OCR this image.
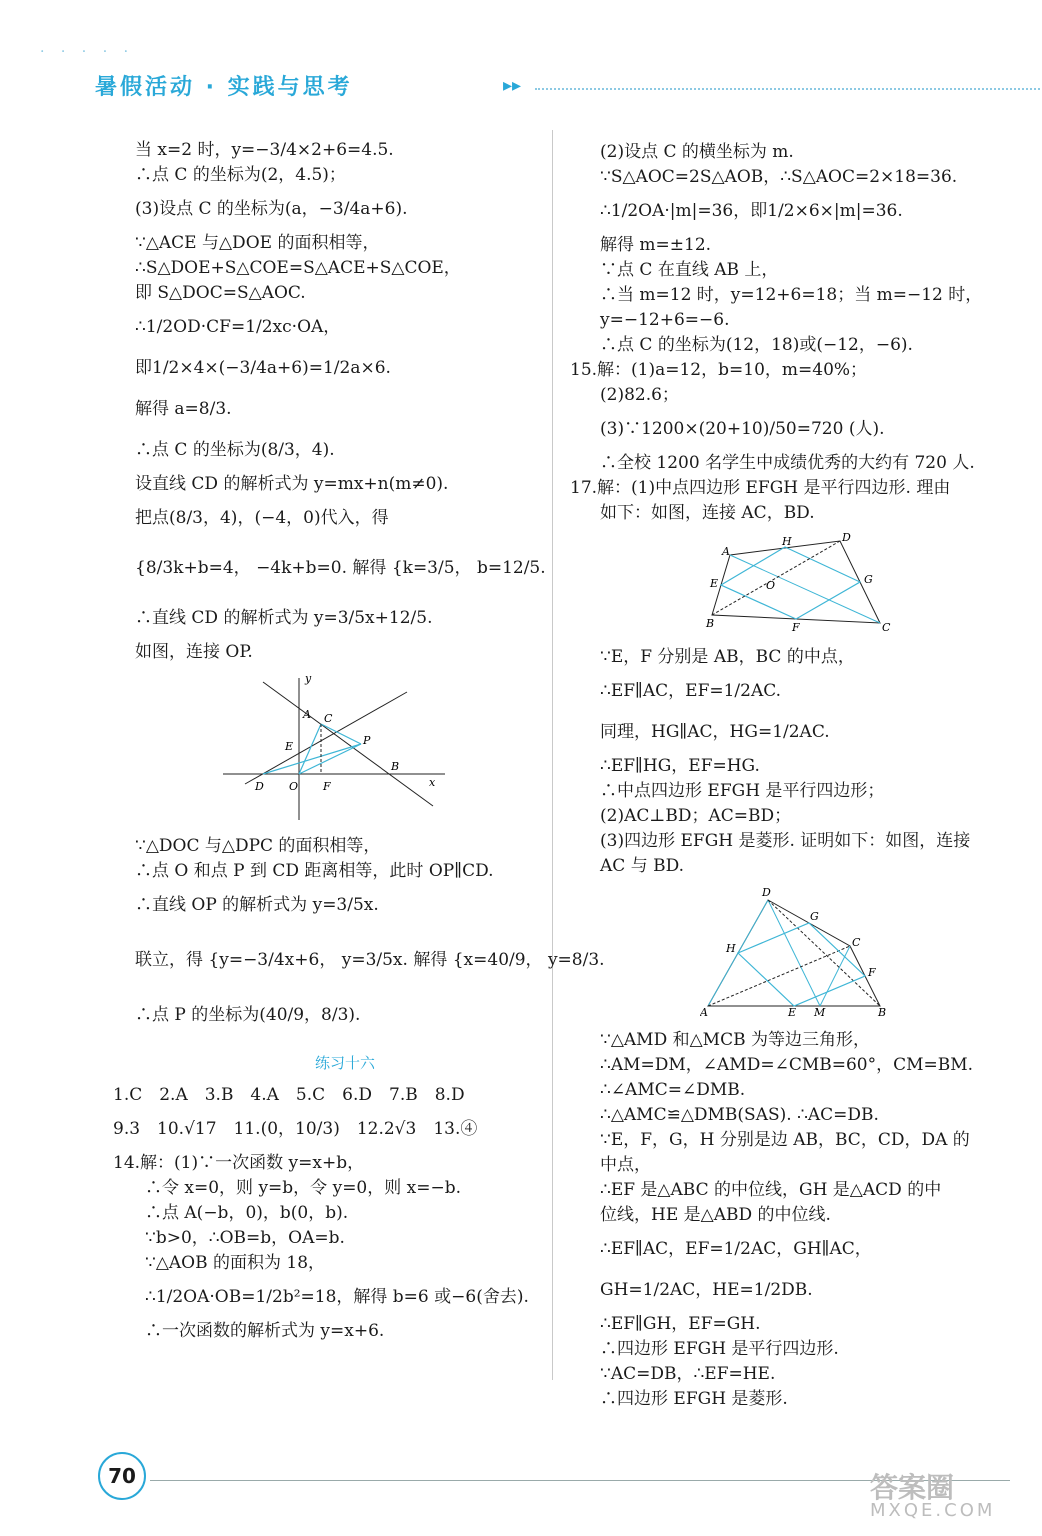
· · · · ·
暑假活动 · 实践与思考	▸▸
当 x=2 时，y=−3/4×2+6=4.5.
∴点 C 的坐标为(2，4.5)；
(3)设点 C 的坐标为(a，−3/4a+6).
∵△ACE 与△DOE 的面积相等，
∴S△DOE+S△COE=S△ACE+S△COE，
即 S△DOC=S△AOC.
∴1/2OD·CF=1/2xc·OA，
即1/2×4×(−3/4a+6)=1/2a×6.
解得 a=8/3.
∴点 C 的坐标为(8/3，4).
设直线 CD 的解析式为 y=mx+n(m≠0).
把点(8/3，4)，(−4，0)代入，得
{8/3k+b=4， −4k+b=0. 解得 {k=3/5， b=12/5.
∴直线 CD 的解析式为 y=3/5x+12/5.
如图，连接 OP.
y
A C
E	P
B
D O F	x
∵△DOC 与△DPC 的面积相等，
∴点 O 和点 P 到 CD 距离相等，此时 OP∥CD.
∴直线 OP 的解析式为 y=3/5x.
联立，得 {y=−3/4x+6， y=3/5x. 解得 {x=40/9， y=8/3.
∴点 P 的坐标为(40/9，8/3).
练习十六
1.C　2.A　3.B　4.A　5.C　6.D　7.B　8.D
9.3　10.√17　11.(0，10/3)　12.2√3　13.④
14.解：(1)∵一次函数 y=x+b，
∴令 x=0，则 y=b，令 y=0，则 x=−b.
∴点 A(−b，0)，b(0，b).
∵b>0，∴OB=b，OA=b.
∵△AOB 的面积为 18，
∴1/2OA·OB=1/2b²=18，解得 b=6 或−6(舍去).
∴一次函数的解析式为 y=x+6.
(2)设点 C 的横坐标为 m.
∵S△AOC=2S△AOB，∴S△AOC=2×18=36.
∴1/2OA·|m|=36，即1/2×6×|m|=36.
解得 m=±12.
∵点 C 在直线 AB 上，
∴当 m=12 时，y=12+6=18；当 m=−12 时，
y=−12+6=−6.
∴点 C 的坐标为(12，18)或(−12，−6).
15.解：(1)a=12，b=10，m=40%；
(2)82.6；
(3)∵1200×(20+10)/50=720 (人).
∴全校 1200 名学生中成绩优秀的大约有 720 人.
17.解：(1)中点四边形 EFGH 是平行四边形. 理由
如下：如图，连接 AC，BD.
A
H	D
E	O	G
B	F	C
∵E，F 分别是 AB，BC 的中点，
∴EF∥AC，EF=1/2AC.
同理，HG∥AC，HG=1/2AC.
∴EF∥HG，EF=HG.
∴中点四边形 EFGH 是平行四边形；
(2)AC⊥BD；AC=BD；
(3)四边形 EFGH 是菱形. 证明如下：如图，连接
AC 与 BD.
D
G
H	C
F
A	E M	B
∵△AMD 和△MCB 为等边三角形，
∴AM=DM，∠AMD=∠CMB=60°，CM=BM.
∴∠AMC=∠DMB.
∴△AMC≌△DMB(SAS). ∴AC=DB.
∵E，F，G，H 分别是边 AB，BC，CD，DA 的
中点，
∴EF 是△ABC 的中位线，GH 是△ACD 的中
位线，HE 是△ABD 的中位线.
∴EF∥AC，EF=1/2AC，GH∥AC，
GH=1/2AC，HE=1/2DB.
∴EF∥GH，EF=GH.
∴四边形 EFGH 是平行四边形.
∵AC=DB，∴EF=HE.
∴四边形 EFGH 是菱形.
70	答案圈
MXQE.COM
